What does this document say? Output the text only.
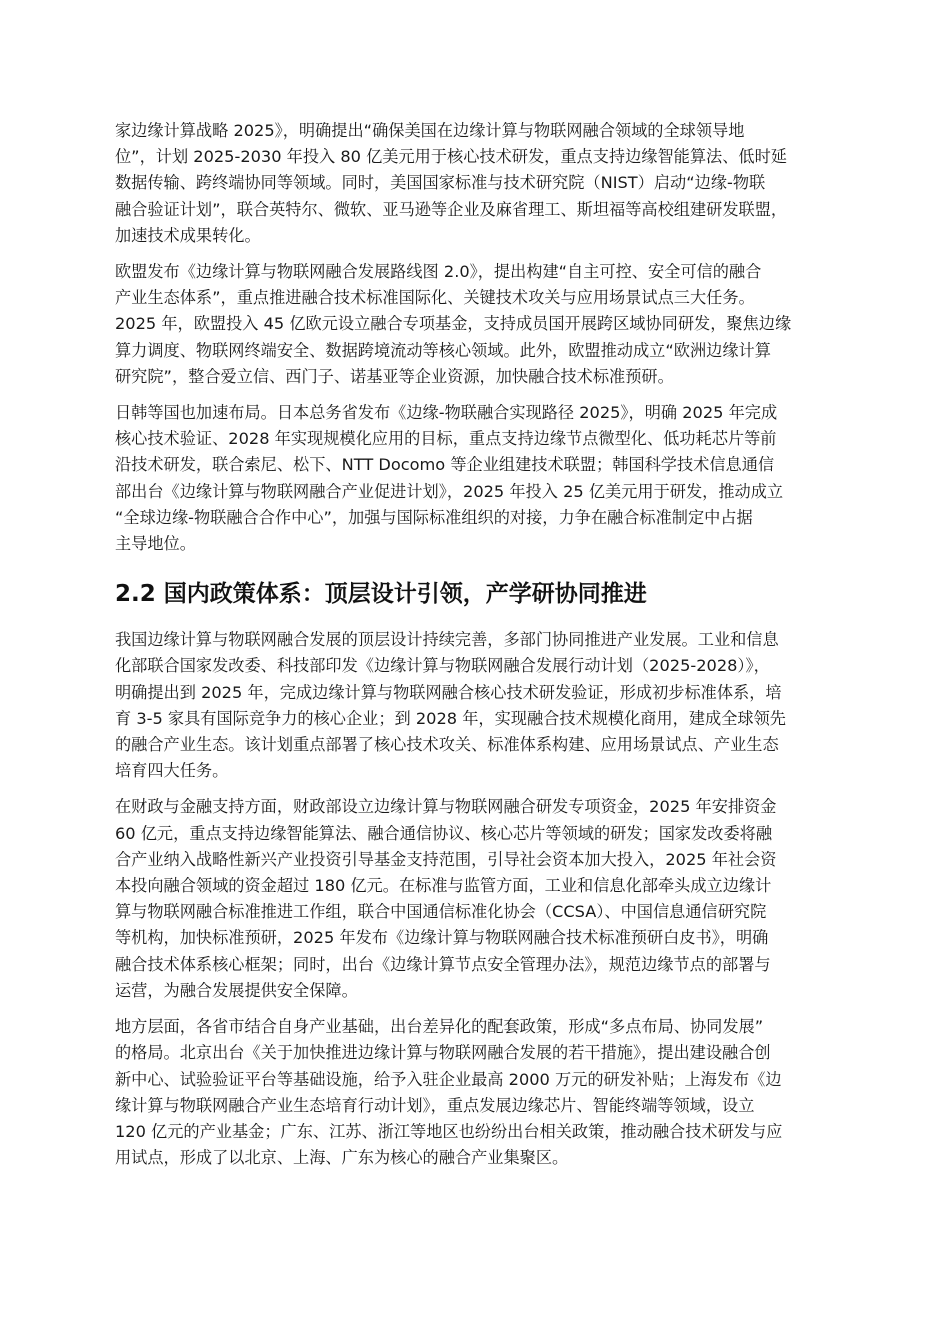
家边缘计算战略 2025》，明确提出“确保美国在边缘计算与物联网融合领域的全球领导地
位”，计划 2025-2030 年投入 80 亿美元用于核心技术研发，重点支持边缘智能算法、低时延
数据传输、跨终端协同等领域。同时，美国国家标准与技术研究院（NIST）启动“边缘-物联
融合验证计划”，联合英特尔、微软、亚马逊等企业及麻省理工、斯坦福等高校组建研发联盟，
加速技术成果转化。
欧盟发布《边缘计算与物联网融合发展路线图 2.0》，提出构建“自主可控、安全可信的融合
产业生态体系”，重点推进融合技术标准国际化、关键技术攻关与应用场景试点三大任务。
2025 年，欧盟投入 45 亿欧元设立融合专项基金，支持成员国开展跨区域协同研发，聚焦边缘
算力调度、物联网终端安全、数据跨境流动等核心领域。此外，欧盟推动成立“欧洲边缘计算
研究院”，整合爱立信、西门子、诺基亚等企业资源，加快融合技术标准预研。
日韩等国也加速布局。日本总务省发布《边缘-物联融合实现路径 2025》，明确 2025 年完成
核心技术验证、2028 年实现规模化应用的目标，重点支持边缘节点微型化、低功耗芯片等前
沿技术研发，联合索尼、松下、NTT Docomo 等企业组建技术联盟；韩国科学技术信息通信
部出台《边缘计算与物联网融合产业促进计划》，2025 年投入 25 亿美元用于研发，推动成立
“全球边缘-物联融合合作中心”，加强与国际标准组织的对接，力争在融合标准制定中占据
主导地位。
2.2 国内政策体系：顶层设计引领，产学研协同推进
我国边缘计算与物联网融合发展的顶层设计持续完善，多部门协同推进产业发展。工业和信息
化部联合国家发改委、科技部印发《边缘计算与物联网融合发展行动计划（2025-2028）》，
明确提出到 2025 年，完成边缘计算与物联网融合核心技术研发验证，形成初步标准体系，培
育 3-5 家具有国际竞争力的核心企业；到 2028 年，实现融合技术规模化商用，建成全球领先
的融合产业生态。该计划重点部署了核心技术攻关、标准体系构建、应用场景试点、产业生态
培育四大任务。
在财政与金融支持方面，财政部设立边缘计算与物联网融合研发专项资金，2025 年安排资金
60 亿元，重点支持边缘智能算法、融合通信协议、核心芯片等领域的研发；国家发改委将融
合产业纳入战略性新兴产业投资引导基金支持范围，引导社会资本加大投入，2025 年社会资
本投向融合领域的资金超过 180 亿元。在标准与监管方面，工业和信息化部牵头成立边缘计
算与物联网融合标准推进工作组，联合中国通信标准化协会（CCSA）、中国信息通信研究院
等机构，加快标准预研，2025 年发布《边缘计算与物联网融合技术标准预研白皮书》，明确
融合技术体系核心框架；同时，出台《边缘计算节点安全管理办法》，规范边缘节点的部署与
运营，为融合发展提供安全保障。
地方层面，各省市结合自身产业基础，出台差异化的配套政策，形成“多点布局、协同发展”
的格局。北京出台《关于加快推进边缘计算与物联网融合发展的若干措施》，提出建设融合创
新中心、试验验证平台等基础设施，给予入驻企业最高 2000 万元的研发补贴；上海发布《边
缘计算与物联网融合产业生态培育行动计划》，重点发展边缘芯片、智能终端等领域，设立
120 亿元的产业基金；广东、江苏、浙江等地区也纷纷出台相关政策，推动融合技术研发与应
用试点，形成了以北京、上海、广东为核心的融合产业集聚区。
